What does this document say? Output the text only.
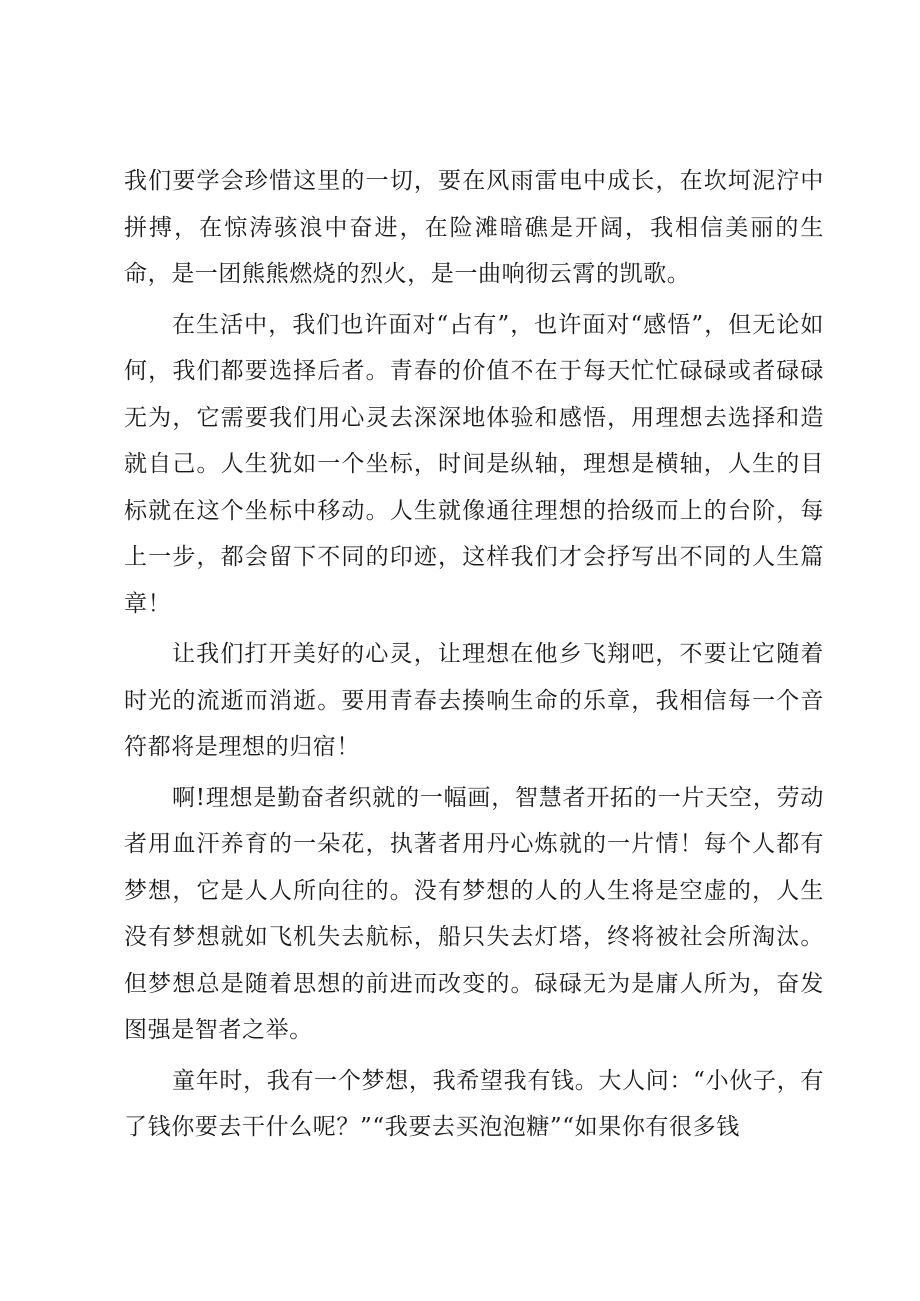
我们要学会珍惜这里的一切，要在风雨雷电中成长，在坎坷泥泞中拼搏，在惊涛骇浪中奋进，在险滩暗礁是开阔，我相信美丽的生命，是一团熊熊燃烧的烈火，是一曲响彻云霄的凯歌。

在生活中，我们也许面对“占有”，也许面对“感悟”，但无论如何，我们都要选择后者。青春的价值不在于每天忙忙碌碌或者碌碌无为，它需要我们用心灵去深深地体验和感悟，用理想去选择和造就自己。人生犹如一个坐标，时间是纵轴，理想是横轴，人生的目标就在这个坐标中移动。人生就像通往理想的拾级而上的台阶，每上一步，都会留下不同的印迹，这样我们才会抒写出不同的人生篇章！

让我们打开美好的心灵，让理想在他乡飞翔吧，不要让它随着时光的流逝而消逝。要用青春去揍响生命的乐章，我相信每一个音符都将是理想的归宿！

啊!理想是勤奋者织就的一幅画，智慧者开拓的一片天空，劳动者用血汗养育的一朵花，执著者用丹心炼就的一片情！每个人都有梦想，它是人人所向往的。没有梦想的人的人生将是空虚的，人生没有梦想就如飞机失去航标，船只失去灯塔，终将被社会所淘汰。但梦想总是随着思想的前进而改变的。碌碌无为是庸人所为，奋发图强是智者之举。

童年时，我有一个梦想，我希望我有钱。大人问：“小伙子，有了钱你要去干什么呢？”“我要去买泡泡糖”“如果你有很多钱
